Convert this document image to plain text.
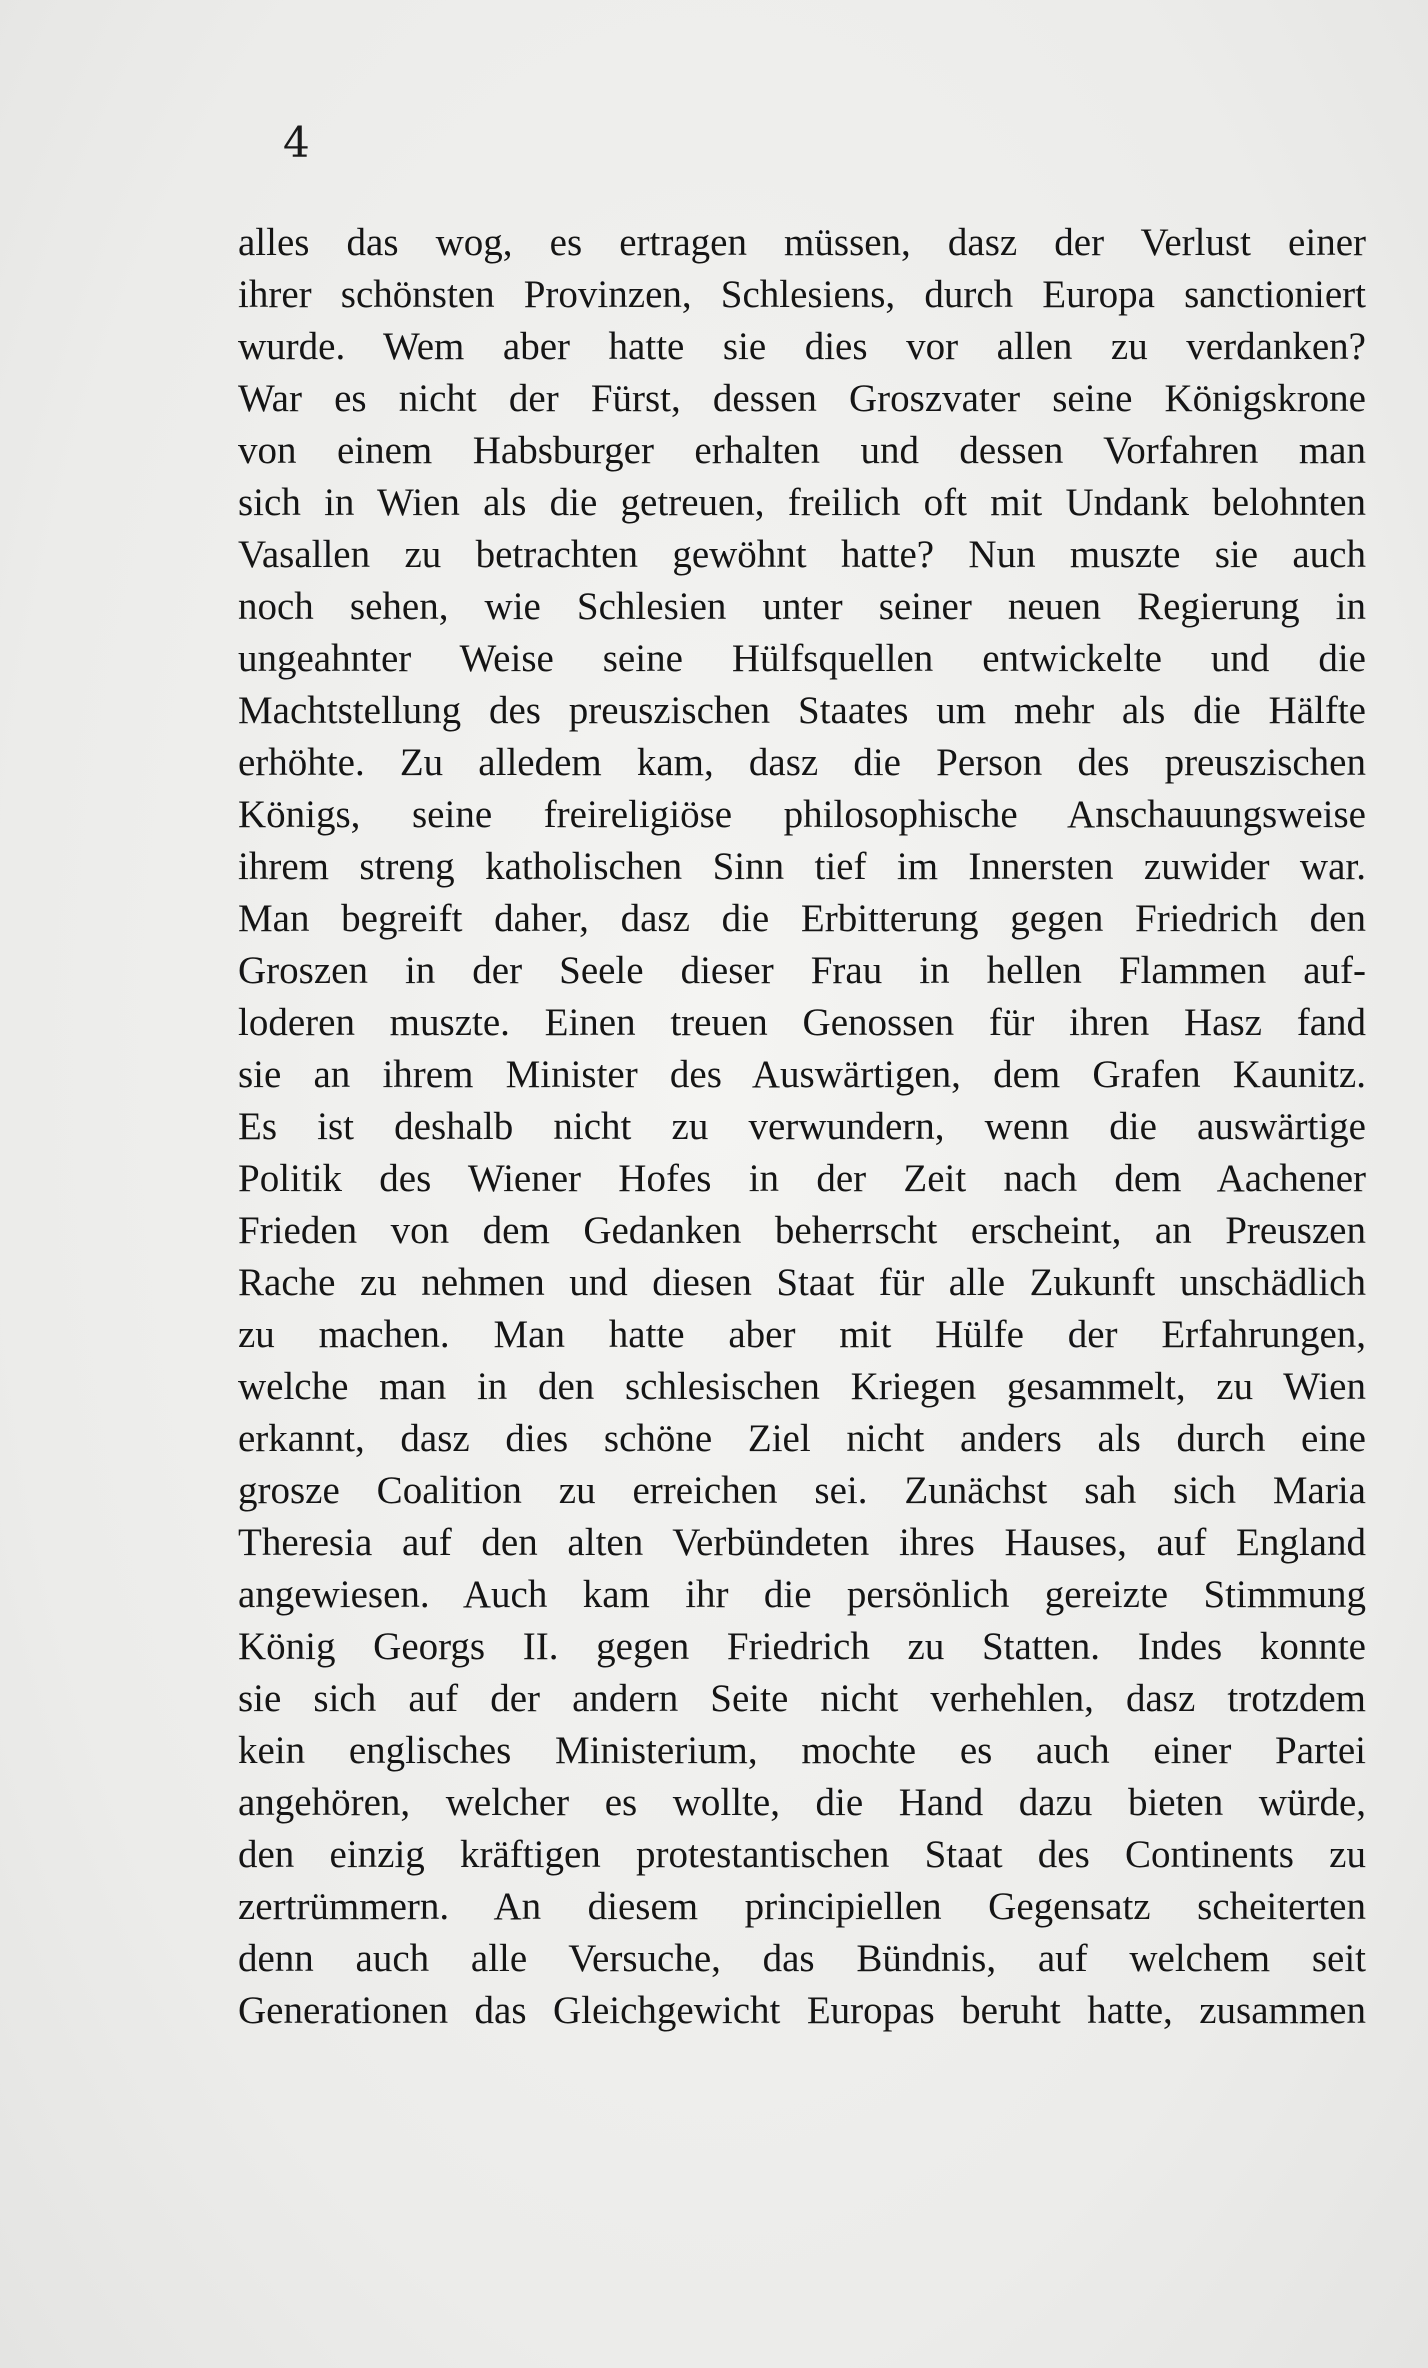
4

alles das wog, es ertragen müssen, dasz der Verlust einer
ihrer schönsten Provinzen, Schlesiens, durch Europa sanctioniert
wurde. Wem aber hatte sie dies vor allen zu verdanken?
War es nicht der Fürst, dessen Groszvater seine Königskrone
von einem Habsburger erhalten und dessen Vorfahren man
sich in Wien als die getreuen, freilich oft mit Undank belohnten
Vasallen zu betrachten gewöhnt hatte? Nun muszte sie auch
noch sehen, wie Schlesien unter seiner neuen Regierung in
ungeahnter Weise seine Hülfsquellen entwickelte und die
Machtstellung des preuszischen Staates um mehr als die Hälfte
erhöhte. Zu alledem kam, dasz die Person des preuszischen
Königs, seine freireligiöse philosophische Anschauungsweise
ihrem streng katholischen Sinn tief im Innersten zuwider war.
Man begreift daher, dasz die Erbitterung gegen Friedrich den
Groszen in der Seele dieser Frau in hellen Flammen auf-
loderen muszte. Einen treuen Genossen für ihren Hasz fand
sie an ihrem Minister des Auswärtigen, dem Grafen Kaunitz.
Es ist deshalb nicht zu verwundern, wenn die auswärtige
Politik des Wiener Hofes in der Zeit nach dem Aachener
Frieden von dem Gedanken beherrscht erscheint, an Preuszen
Rache zu nehmen und diesen Staat für alle Zukunft unschädlich
zu machen. Man hatte aber mit Hülfe der Erfahrungen,
welche man in den schlesischen Kriegen gesammelt, zu Wien
erkannt, dasz dies schöne Ziel nicht anders als durch eine
grosze Coalition zu erreichen sei. Zunächst sah sich Maria
Theresia auf den alten Verbündeten ihres Hauses, auf England
angewiesen. Auch kam ihr die persönlich gereizte Stimmung
König Georgs II. gegen Friedrich zu Statten. Indes konnte
sie sich auf der andern Seite nicht verhehlen, dasz trotzdem
kein englisches Ministerium, mochte es auch einer Partei
angehören, welcher es wollte, die Hand dazu bieten würde,
den einzig kräftigen protestantischen Staat des Continents zu
zertrümmern. An diesem principiellen Gegensatz scheiterten
denn auch alle Versuche, das Bündnis, auf welchem seit
Generationen das Gleichgewicht Europas beruht hatte, zusammen
